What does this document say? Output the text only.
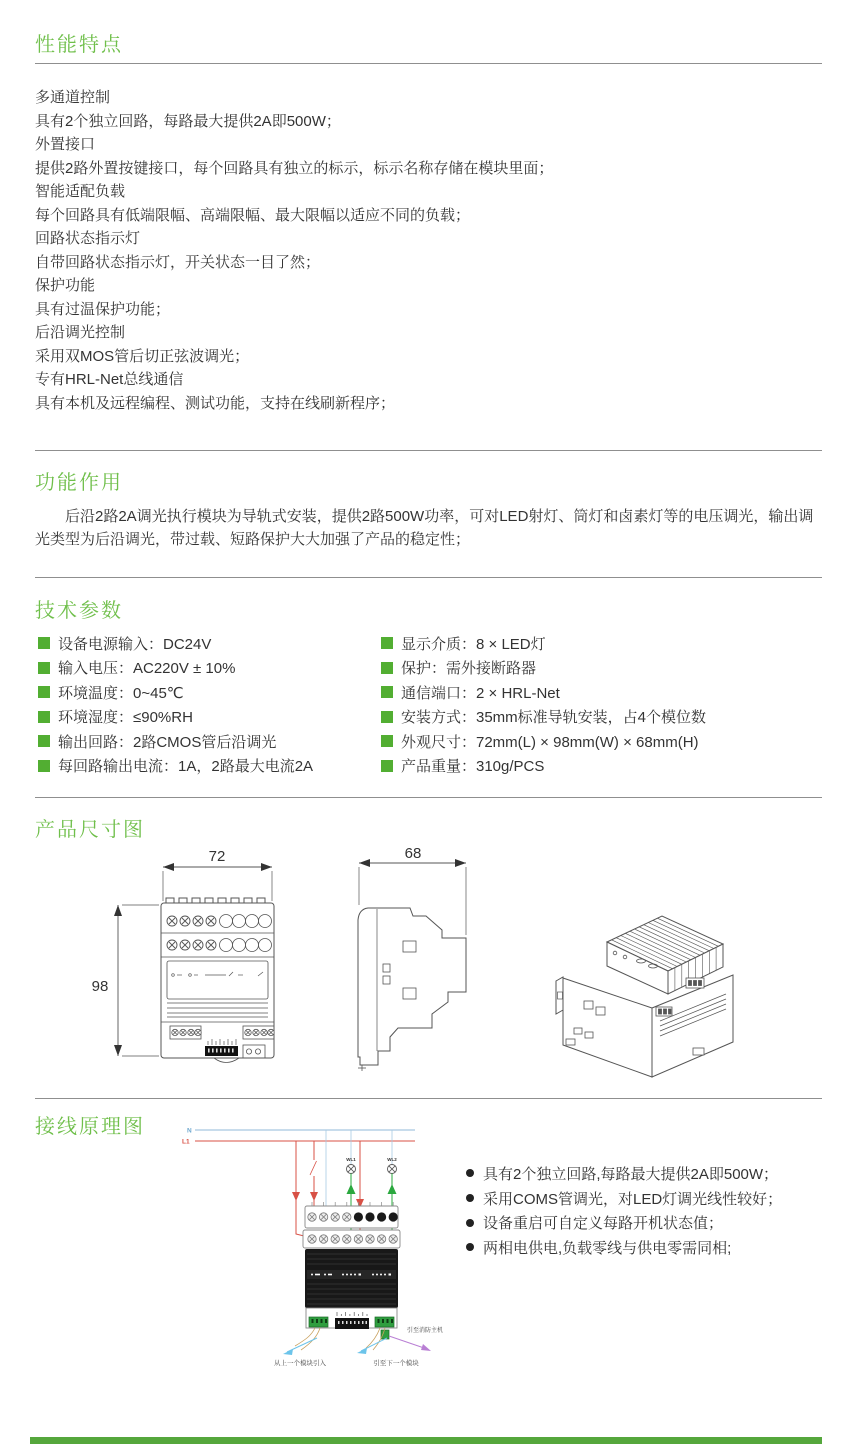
性能特点

多通道控制

具有2个独立回路，每路最大提供2A即500W；

外置接口

提供2路外置按键接口，每个回路具有独立的标示，标示名称存储在模块里面；

智能适配负载

每个回路具有低端限幅、高端限幅、最大限幅以适应不同的负载；

回路状态指示灯

自带回路状态指示灯，开关状态一目了然；

保护功能

具有过温保护功能；

后沿调光控制

采用双MOS管后切正弦波调光；

专有HRL-Net总线通信

具有本机及远程编程、测试功能，支持在线刷新程序；

功能作用

后沿2路2A调光执行模块为导轨式安装，提供2路500W功率，可对LED射灯、筒灯和卤素灯等的电压调光，输出调光类型为后沿调光，带过载、短路保护大大加强了产品的稳定性；

技术参数
设备电源输入：DC24V
输入电压：AC220V ± 10%
环境温度：0~45℃
环境湿度：≤90%RH
输出回路：2路CMOS管后沿调光
每回路输出电流：1A，2路最大电流2A
显示介质：8 × LED灯
保护：需外接断路器
通信端口：2 × HRL-Net
安装方式：35mm标准导轨安装，占4个模位数
外观尺寸：72mm(L) × 98mm(W) × 68mm(H)
产品重量：310g/PCS
产品尺寸图
72
98
68
接线原理图	N
L1
WL1	WL2
从上一个模块引入	引至下一个模块
引至消防主机
具有2个独立回路,每路最大提供2A即500W；
采用COMS管调光，对LED灯调光线性较好；
设备重启可自定义每路开机状态值；
两相电供电,负载零线与供电零需同相;
